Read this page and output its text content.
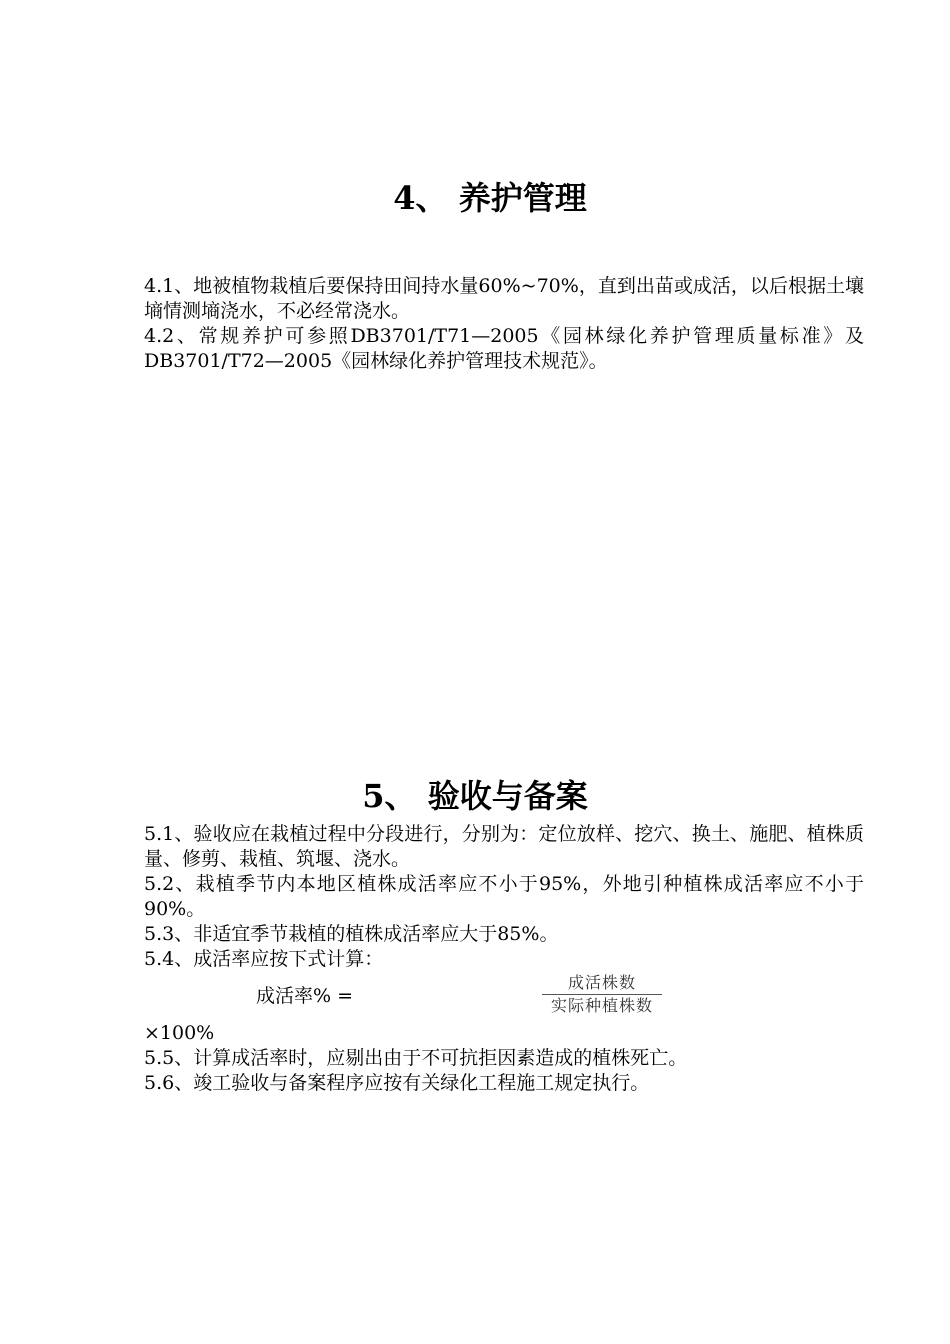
4、 养护管理

4.1、地被植物栽植后要保持田间持水量60%~70%，直到出苗或成活，以后根据土壤墒情测墒浇水，不必经常浇水。

4.2、常规养护可参照DB3701/T71—2005《园林绿化养护管理质量标准》及DB3701/T72—2005《园林绿化养护管理技术规范》。

5、 验收与备案

5.1、验收应在栽植过程中分段进行，分别为：定位放样、挖穴、换土、施肥、植株质量、修剪、栽植、筑堰、浇水。

5.2、栽植季节内本地区植株成活率应不小于95%，外地引种植株成活率应不小于90%。

5.3、非适宜季节栽植的植株成活率应大于85%。

5.4、成活率应按下式计算：

成活率% =
成活株数
实际种植株数

×100%

5.5、计算成活率时，应剔出由于不可抗拒因素造成的植株死亡。

5.6、竣工验收与备案程序应按有关绿化工程施工规定执行。
